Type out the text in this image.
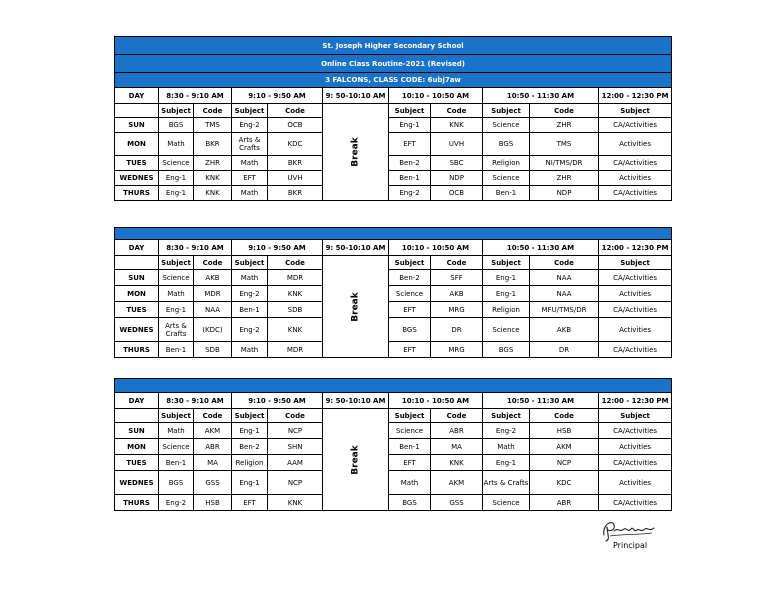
St. Joseph Higher Secondary School										
Online Class Routine-2021 (Revised)										
3 FALCONS, CLASS CODE: 6ubj7aw										
DAY	8:30 - 9:10 AM		9:10 - 9:50 AM		9: 50-10:10 AM	10:10 - 10:50 AM		10:50 - 11:30 AM		12:00 - 12:30 PM
	Subject	Code	Subject	Code	Break	Subject	Code	Subject	Code	Subject
SUN	BGS	TMS	Eng-2	OCB		Eng-1	KNK	Science	ZHR	CA/Activities
MON	Math	BKR	Arts & Crafts	KDC		EFT	UVH	BGS	TMS	Activities
TUES	Science	ZHR	Math	BKR		Ben-2	SBC	Religion	NI/TMS/DR	CA/Activities
WEDNES	Eng-1	KNK	EFT	UVH		Ben-1	NDP	Science	ZHR	Activities
THURS	Eng-1	KNK	Math	BKR		Eng-2	OCB	Ben-1	NDP	CA/Activities

DAY	8:30 - 9:10 AM		9:10 - 9:50 AM		9: 50-10:10 AM	10:10 - 10:50 AM		10:50 - 11:30 AM		12:00 - 12:30 PM
	Subject	Code	Subject	Code	Break	Subject	Code	Subject	Code	Subject
SUN	Science	AKB	Math	MDR		Ben-2	SFF	Eng-1	NAA	CA/Activities
MON	Math	MDR	Eng-2	KNK		Science	AKB	Eng-1	NAA	Activities
TUES	Eng-1	NAA	Ben-1	SDB		EFT	MRG	Religion	MFU/TMS/DR	CA/Activities
WEDNES	Arts & Crafts	(KDC)	Eng-2	KNK		BGS	DR	Science	AKB	Activities
THURS	Ben-1	SDB	Math	MDR		EFT	MRG	BGS	DR	CA/Activities

DAY	8:30 - 9:10 AM		9:10 - 9:50 AM		9: 50-10:10 AM	10:10 - 10:50 AM		10:50 - 11:30 AM		12:00 - 12:30 PM
	Subject	Code	Subject	Code	Break	Subject	Code	Subject	Code	Subject
SUN	Math	AKM	Eng-1	NCP		Science	ABR	Eng-2	HSB	CA/Activities
MON	Science	ABR	Ben-2	SHN		Ben-1	MA	Math	AKM	Activities
TUES	Ben-1	MA	Religion	AAM		EFT	KNK	Eng-1	NCP	CA/Activities
WEDNES	BGS	GSS	Eng-1	NCP		Math	AKM	Arts & Crafts	KDC	Activities
THURS	Eng-2	HSB	EFT	KNK		BGS	GSS	Science	ABR	CA/Activities
Principal
